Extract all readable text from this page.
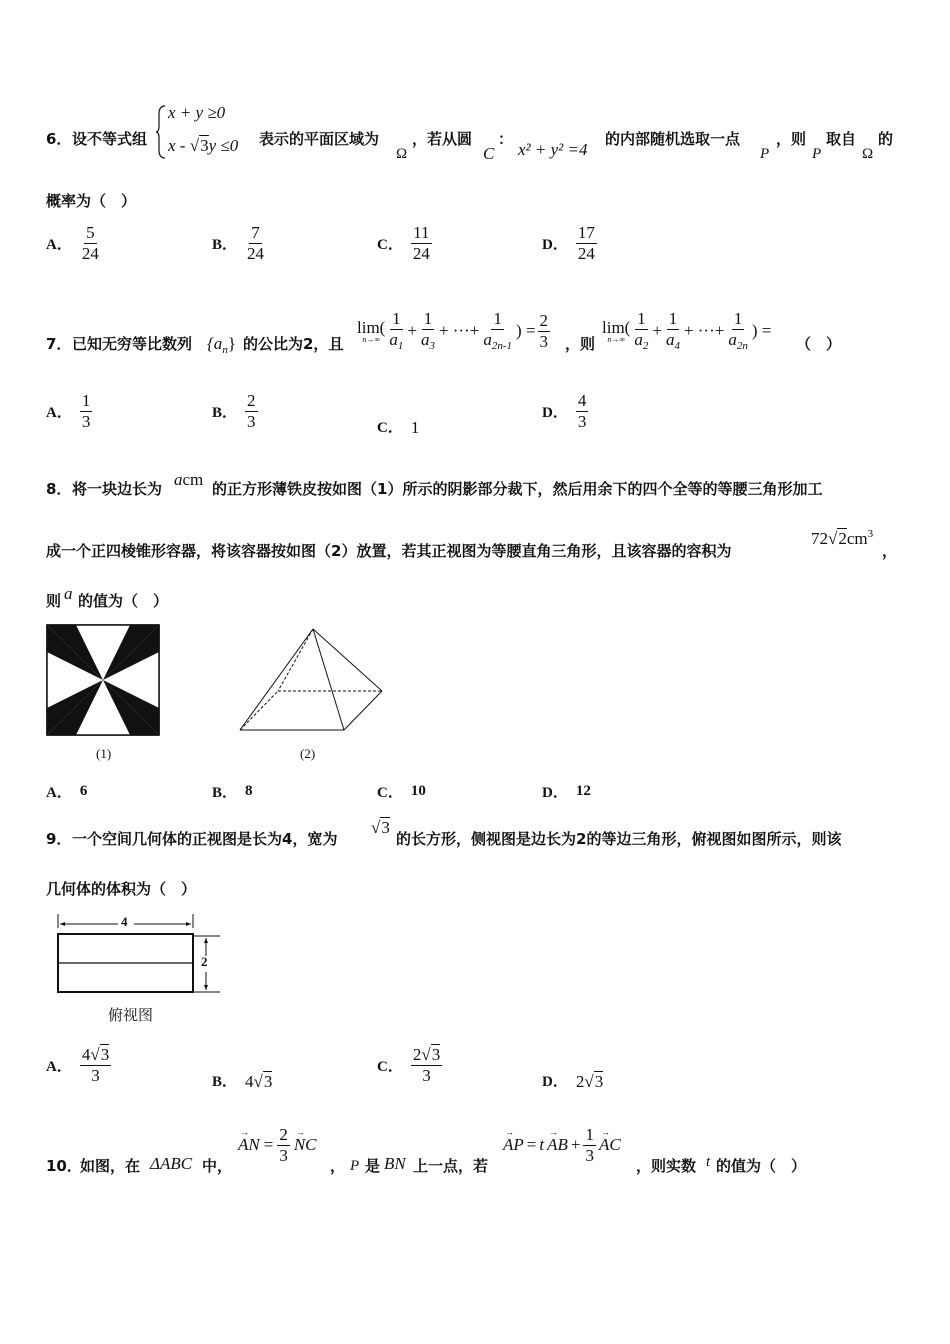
6． 设不等式组
x + y ≥0
x - √3y ≤0 表示的平面区域为
Ω
，若从圆
C
：
x² + y² =4
的内部随机选取一点
P
，则
P
取自
Ω
的
概率为（　）
A． $\frac{5}{24}$	B． $\frac{7}{24}$	C． $\frac{11}{24}$	D． $\frac{17}{24}$
7． 已知无穷等比数列 $\{a_n\}$ 的公比为2，且
lim(
$n\to\infty \frac{1}{a_1} + \frac{1}{a_3}$ + ···+ $\frac{1}{a_{2n-1}}$ ) = $\frac{2}{3}$ ，则
lim(
$n\to\infty \frac{1}{a_2} + \frac{1}{a_4}$ + ···+ $\frac{1}{a_{2n}}$ ) =
（　）
A． $\frac{1}{3}$	B． $\frac{2}{3}$	C． 1
D． $\frac{4}{3}$
8． 将一块边长为 acm 的正方形薄铁皮按如图（1）所示的阴影部分裁下，然后用余下的四个全等的等腰三角形加工
成一个正四棱锥形容器，将该容器按如图（2）放置，若其正视图为等腰直角三角形，且该容器的容积为
$72√2cm^3$
，
则 a 的值为（　）
(1)	(2)
A． 6	B． 8	C． 10	D． 12
9． 一个空间几何体的正视图是长为4，宽为
√3
的长方形，侧视图是边长为2的等边三角形，俯视图如图所示，则该
几何体的体积为（　）
4
2
俯视图
A． $\frac{4√3}{3}$	B． 4√3
C． $\frac{2√3}{3}$	D． 2√3
10．
如图，在 ΔABC 中，
→
AN = $\frac{2}{3}$ →
NC
， P 是 BN 上一点，若
→
AP = t
→
AB + $\frac{1}{3}$ →
AC
，则实数 t 的值为（　）
